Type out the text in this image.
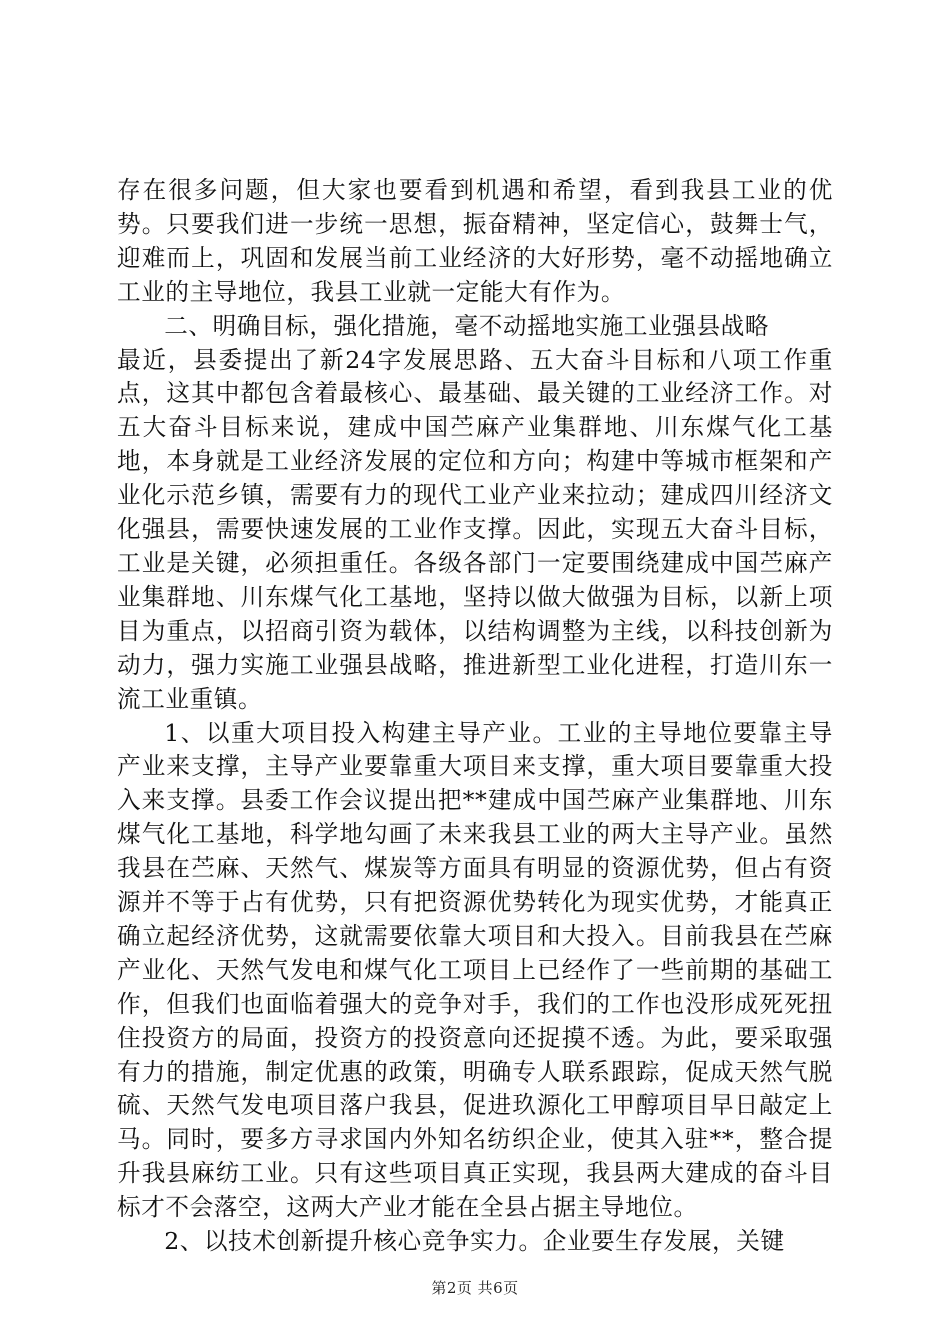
存在很多问题，但大家也要看到机遇和希望，看到我县工业的优势。只要我们进一步统一思想，振奋精神，坚定信心，鼓舞士气，迎难而上，巩固和发展当前工业经济的大好形势，毫不动摇地确立工业的主导地位，我县工业就一定能大有作为。

二、明确目标，强化措施，毫不动摇地实施工业强县战略

最近，县委提出了新24字发展思路、五大奋斗目标和八项工作重点，这其中都包含着最核心、最基础、最关键的工业经济工作。对五大奋斗目标来说，建成中国苎麻产业集群地、川东煤气化工基地，本身就是工业经济发展的定位和方向；构建中等城市框架和产业化示范乡镇，需要有力的现代工业产业来拉动；建成四川经济文化强县，需要快速发展的工业作支撑。因此，实现五大奋斗目标，工业是关键，必须担重任。各级各部门一定要围绕建成中国苎麻产业集群地、川东煤气化工基地，坚持以做大做强为目标，以新上项目为重点，以招商引资为载体，以结构调整为主线，以科技创新为动力，强力实施工业强县战略，推进新型工业化进程，打造川东一流工业重镇。

1、以重大项目投入构建主导产业。工业的主导地位要靠主导产业来支撑，主导产业要靠重大项目来支撑，重大项目要靠重大投入来支撑。县委工作会议提出把**建成中国苎麻产业集群地、川东煤气化工基地，科学地勾画了未来我县工业的两大主导产业。虽然我县在苎麻、天然气、煤炭等方面具有明显的资源优势，但占有资源并不等于占有优势，只有把资源优势转化为现实优势，才能真正确立起经济优势，这就需要依靠大项目和大投入。目前我县在苎麻产业化、天然气发电和煤气化工项目上已经作了一些前期的基础工作，但我们也面临着强大的竞争对手，我们的工作也没形成死死扭住投资方的局面，投资方的投资意向还捉摸不透。为此，要采取强有力的措施，制定优惠的政策，明确专人联系跟踪，促成天然气脱硫、天然气发电项目落户我县，促进玖源化工甲醇项目早日敲定上马。同时，要多方寻求国内外知名纺织企业，使其入驻**，整合提升我县麻纺工业。只有这些项目真正实现，我县两大建成的奋斗目标才不会落空，这两大产业才能在全县占据主导地位。

2、以技术创新提升核心竞争实力。企业要生存发展，关键

第2页 共6页
